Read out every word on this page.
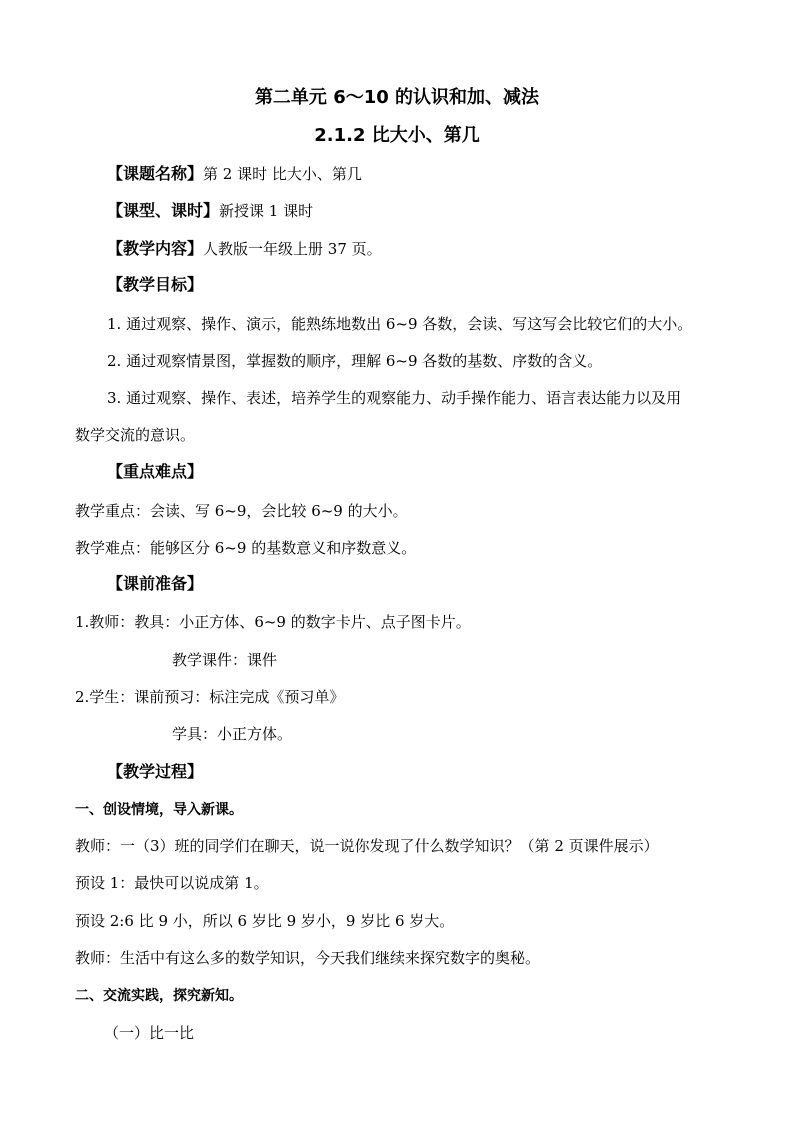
第二单元 6～10 的认识和加、减法
2.1.2 比大小、第几
【课题名称】第 2 课时 比大小、第几
【课型、课时】新授课 1 课时
【教学内容】人教版一年级上册 37 页。
【教学目标】
1. 通过观察、操作、演示，能熟练地数出 6~9 各数，会读、写这写会比较它们的大小。
2. 通过观察情景图，掌握数的顺序，理解 6~9 各数的基数、序数的含义。
3. 通过观察、操作、表述，培养学生的观察能力、动手操作能力、语言表达能力以及用
数学交流的意识。
【重点难点】
教学重点：会读、写 6~9，会比较 6~9 的大小。
教学难点：能够区分 6~9 的基数意义和序数意义。
【课前准备】
1.教师：教具：小正方体、6~9 的数字卡片、点子图卡片。
教学课件：课件
2.学生：课前预习：标注完成《预习单》
学具：小正方体。
【教学过程】
一、创设情境，导入新课。
教师：一（3）班的同学们在聊天，说一说你发现了什么数学知识？（第 2 页课件展示）
预设 1：最快可以说成第 1。
预设 2:6 比 9 小，所以 6 岁比 9 岁小，9 岁比 6 岁大。
教师：生活中有这么多的数学知识，今天我们继续来探究数字的奥秘。
二、交流实践，探究新知。
（一）比一比
